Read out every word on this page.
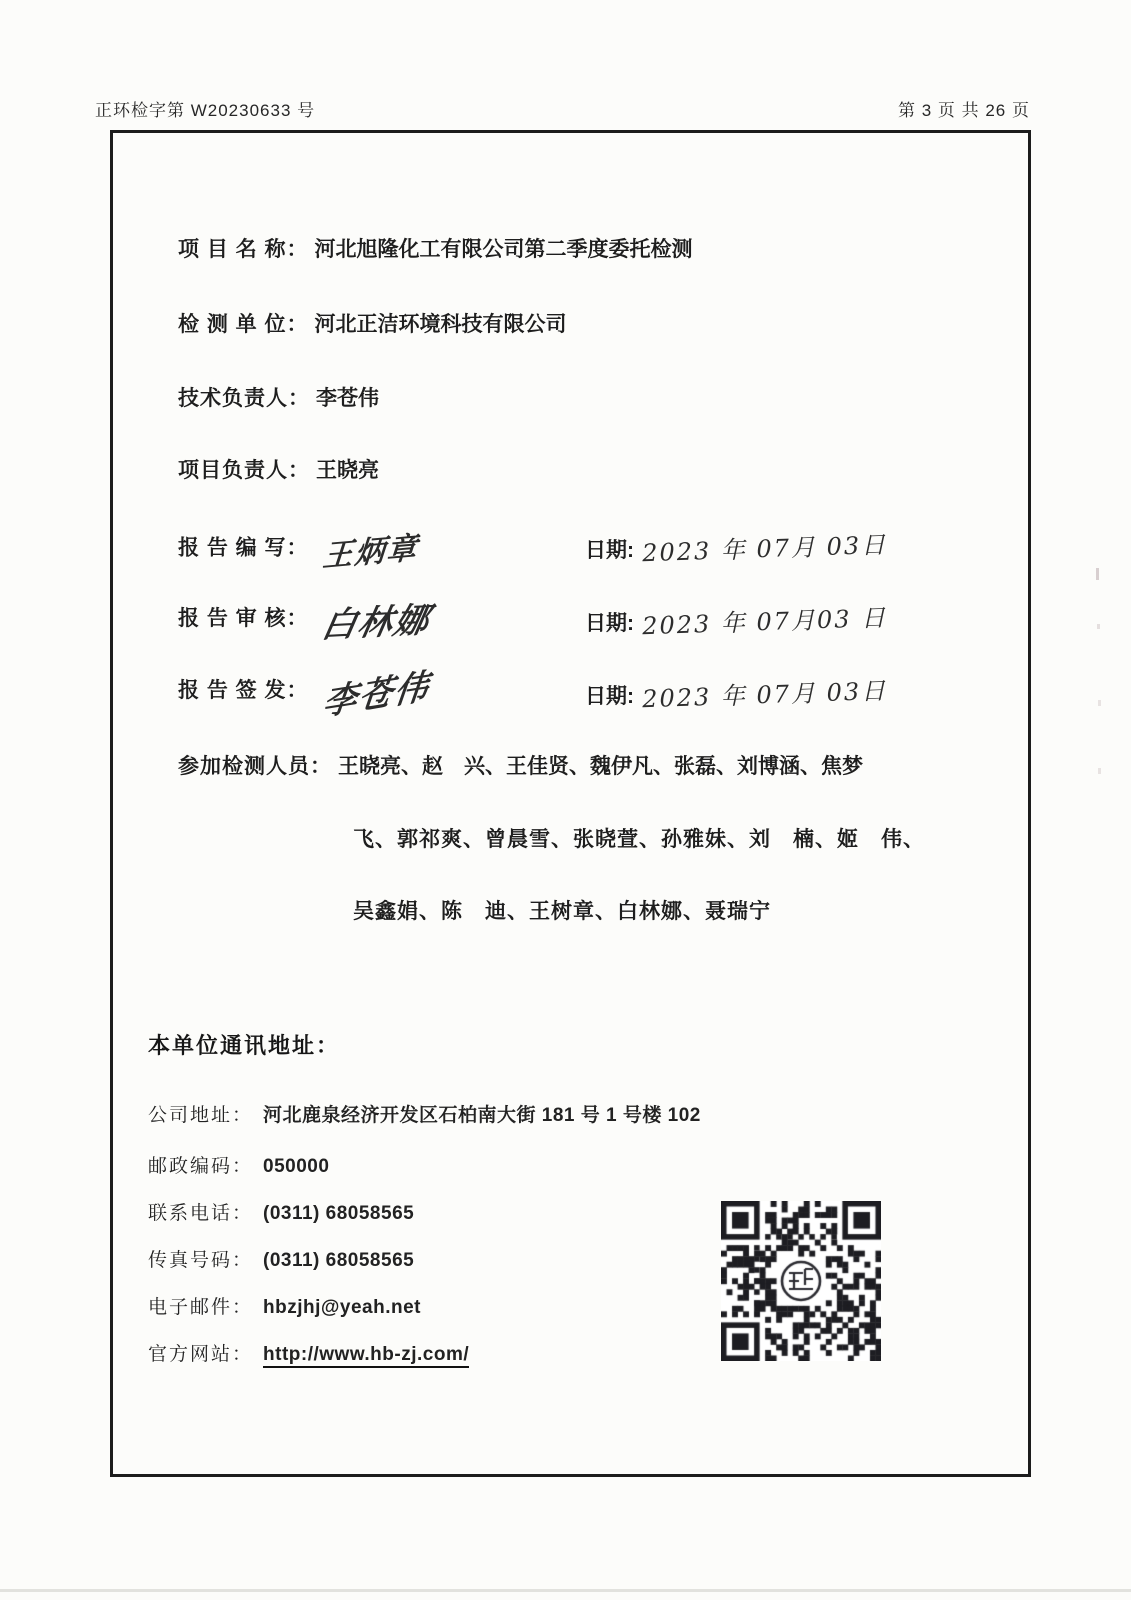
正环检字第 W20230633 号	第 3 页 共 26 页
项 目 名 称： 河北旭隆化工有限公司第二季度委托检测
检 测 单 位： 河北正洁环境科技有限公司
技术负责人： 李苍伟
项目负责人： 王晓亮
报 告 编 写： 王炳章	日期: 2023 年 07月 03日
报 告 审 核： 白林娜	日期: 2023 年 07月03 日
报 告 签 发： 李苍伟	日期: 2023 年 07月 03日
参加检测人员： 王晓亮、赵　兴、王佳贤、魏伊凡、张磊、刘博涵、焦梦
飞、郭祁爽、曾晨雪、张晓萱、孙雅妹、刘　楠、姬　伟、
吴鑫娟、陈　迪、王树章、白林娜、聂瑞宁
本单位通讯地址：
公司地址： 河北鹿泉经济开发区石柏南大街 181 号 1 号楼 102
邮政编码： 050000
联系电话： (0311) 68058565
传真号码： (0311) 68058565
电子邮件： hbzjhj@yeah.net
官方网站： http://www.hb-zj.com/
